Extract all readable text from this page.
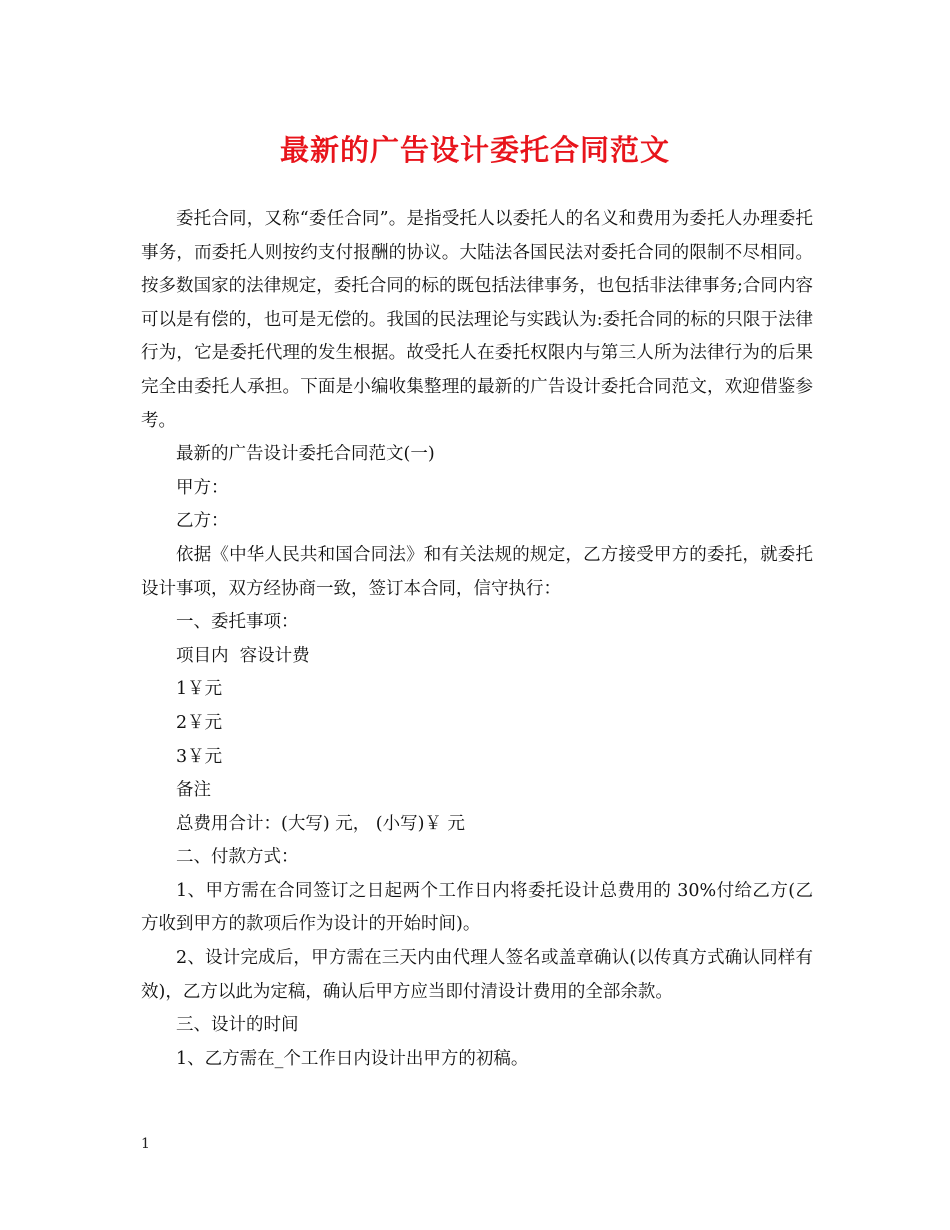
最新的广告设计委托合同范文

委托合同，又称“委任合同”。是指受托人以委托人的名义和费用为委托人办理委托事务，而委托人则按约支付报酬的协议。大陆法各国民法对委托合同的限制不尽相同。按多数国家的法律规定，委托合同的标的既包括法律事务，也包括非法律事务;合同内容可以是有偿的，也可是无偿的。我国的民法理论与实践认为:委托合同的标的只限于法律行为，它是委托代理的发生根据。故受托人在委托权限内与第三人所为法律行为的后果完全由委托人承担。下面是小编收集整理的最新的广告设计委托合同范文，欢迎借鉴参考。

最新的广告设计委托合同范文(一)

甲方：

乙方：

依据《中华人民共和国合同法》和有关法规的规定，乙方接受甲方的委托，就委托设计事项，双方经协商一致，签订本合同，信守执行：

一、委托事项：

项目内  容设计费

1￥元

2￥元

3￥元

备注

总费用合计：(大写) 元， (小写)￥ 元

二、付款方式：

1、甲方需在合同签订之日起两个工作日内将委托设计总费用的 30%付给乙方(乙方收到甲方的款项后作为设计的开始时间)。

2、设计完成后，甲方需在三天内由代理人签名或盖章确认(以传真方式确认同样有效)，乙方以此为定稿，确认后甲方应当即付清设计费用的全部余款。

三、设计的时间

1、乙方需在_个工作日内设计出甲方的初稿。

1
